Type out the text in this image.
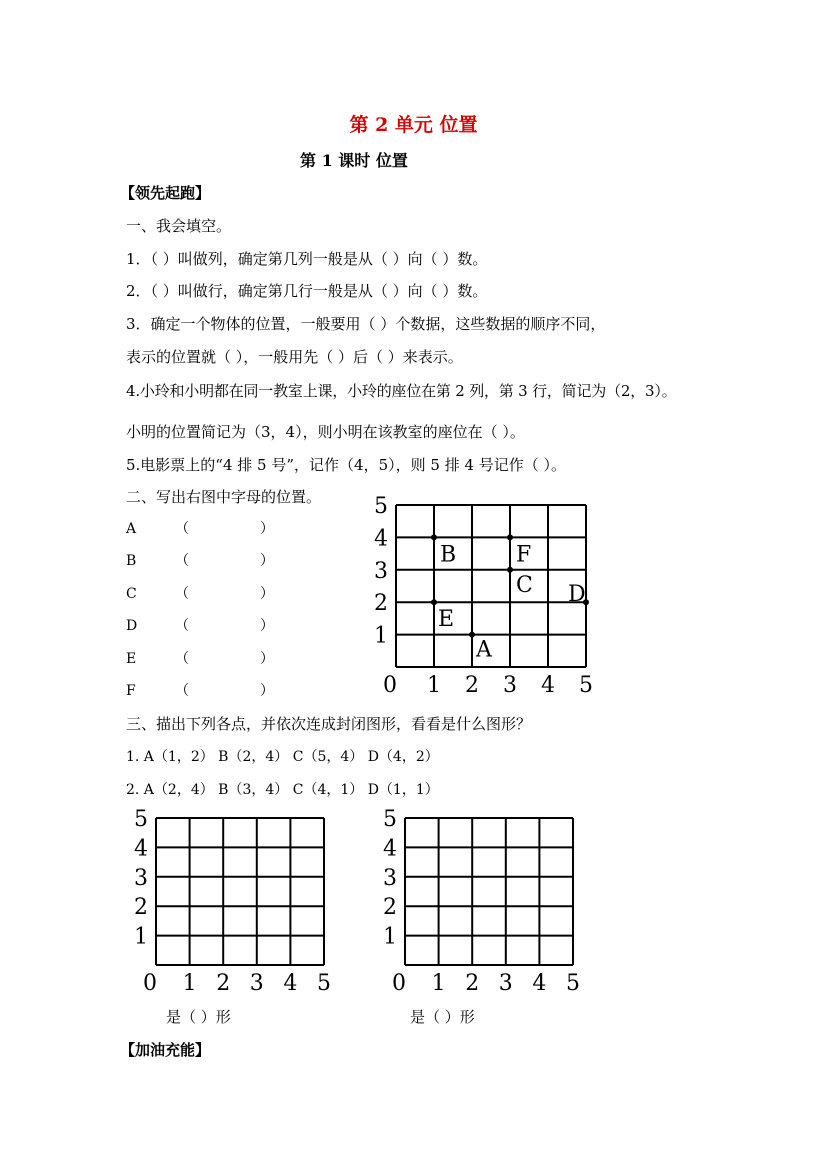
第 2 单元 位置
第 1 课时 位置
【领先起跑】
一、我会填空。
1．（ ）叫做列，确定第几列一般是从（ ）向（ ）数。
2．（ ）叫做行，确定第几行一般是从（ ）向（ ）数。
3．确定一个物体的位置，一般要用（ ）个数据，这些数据的顺序不同，
表示的位置就（ ），一般用先（ ）后（ ）来表示。
4.小玲和小明都在同一教室上课，小玲的座位在第 2 列，第 3 行，简记为（2，3）。
小明的位置简记为（3，4），则小明在该教室的座位在（ ）。
5.电影票上的“4 排 5 号”，记作（4，5），则 5 排 4 号记作（ ）。
二、写出右图中字母的位置。
A	（	）
B	（	）
C	（	）
D	（	）
E	（	）
F	（	）	0 1 2 3 4 5
1
2
3
4
5
A
B
C D
E
F
0 1 2 3 4 5
1
2
3
4
5
0 1 2 3 4 5
1
2
3
4
5
三、描出下列各点，并依次连成封闭图形，看看是什么图形？
1. A（1，2） B（2，4） C（5，4） D（4，2）
2. A（2，4） B（3，4） C（4，1） D（1，1）
是（ ）形	是（ ）形
【加油充能】
